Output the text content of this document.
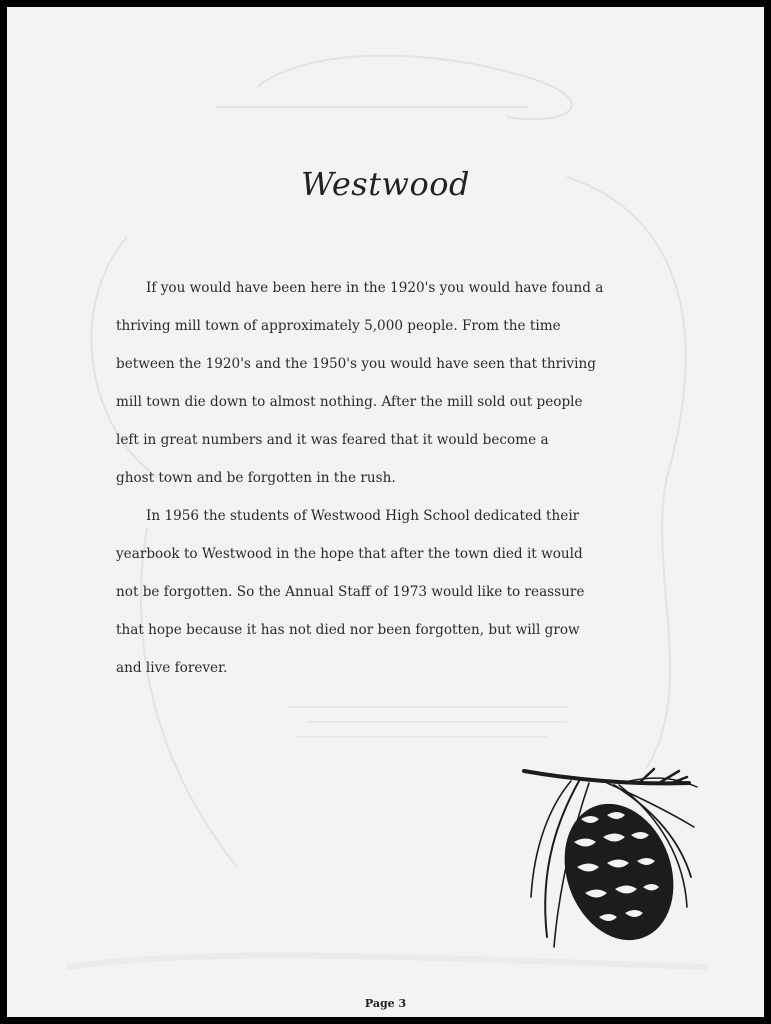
Westwood

If you would have been here in the 1920's you would have found a

thriving mill town of approximately 5,000 people. From the time

between the 1920's and the 1950's you would have seen that thriving

mill town die down to almost nothing. After the mill sold out people

left in great numbers and it was feared that it would become a

ghost town and be forgotten in the rush.

In 1956 the students of Westwood High School dedicated their

yearbook to Westwood in the hope that after the town died it would

not be forgotten. So the Annual Staff of 1973 would like to reassure

that hope because it has not died nor been forgotten, but will grow

and live forever.

Page 3
